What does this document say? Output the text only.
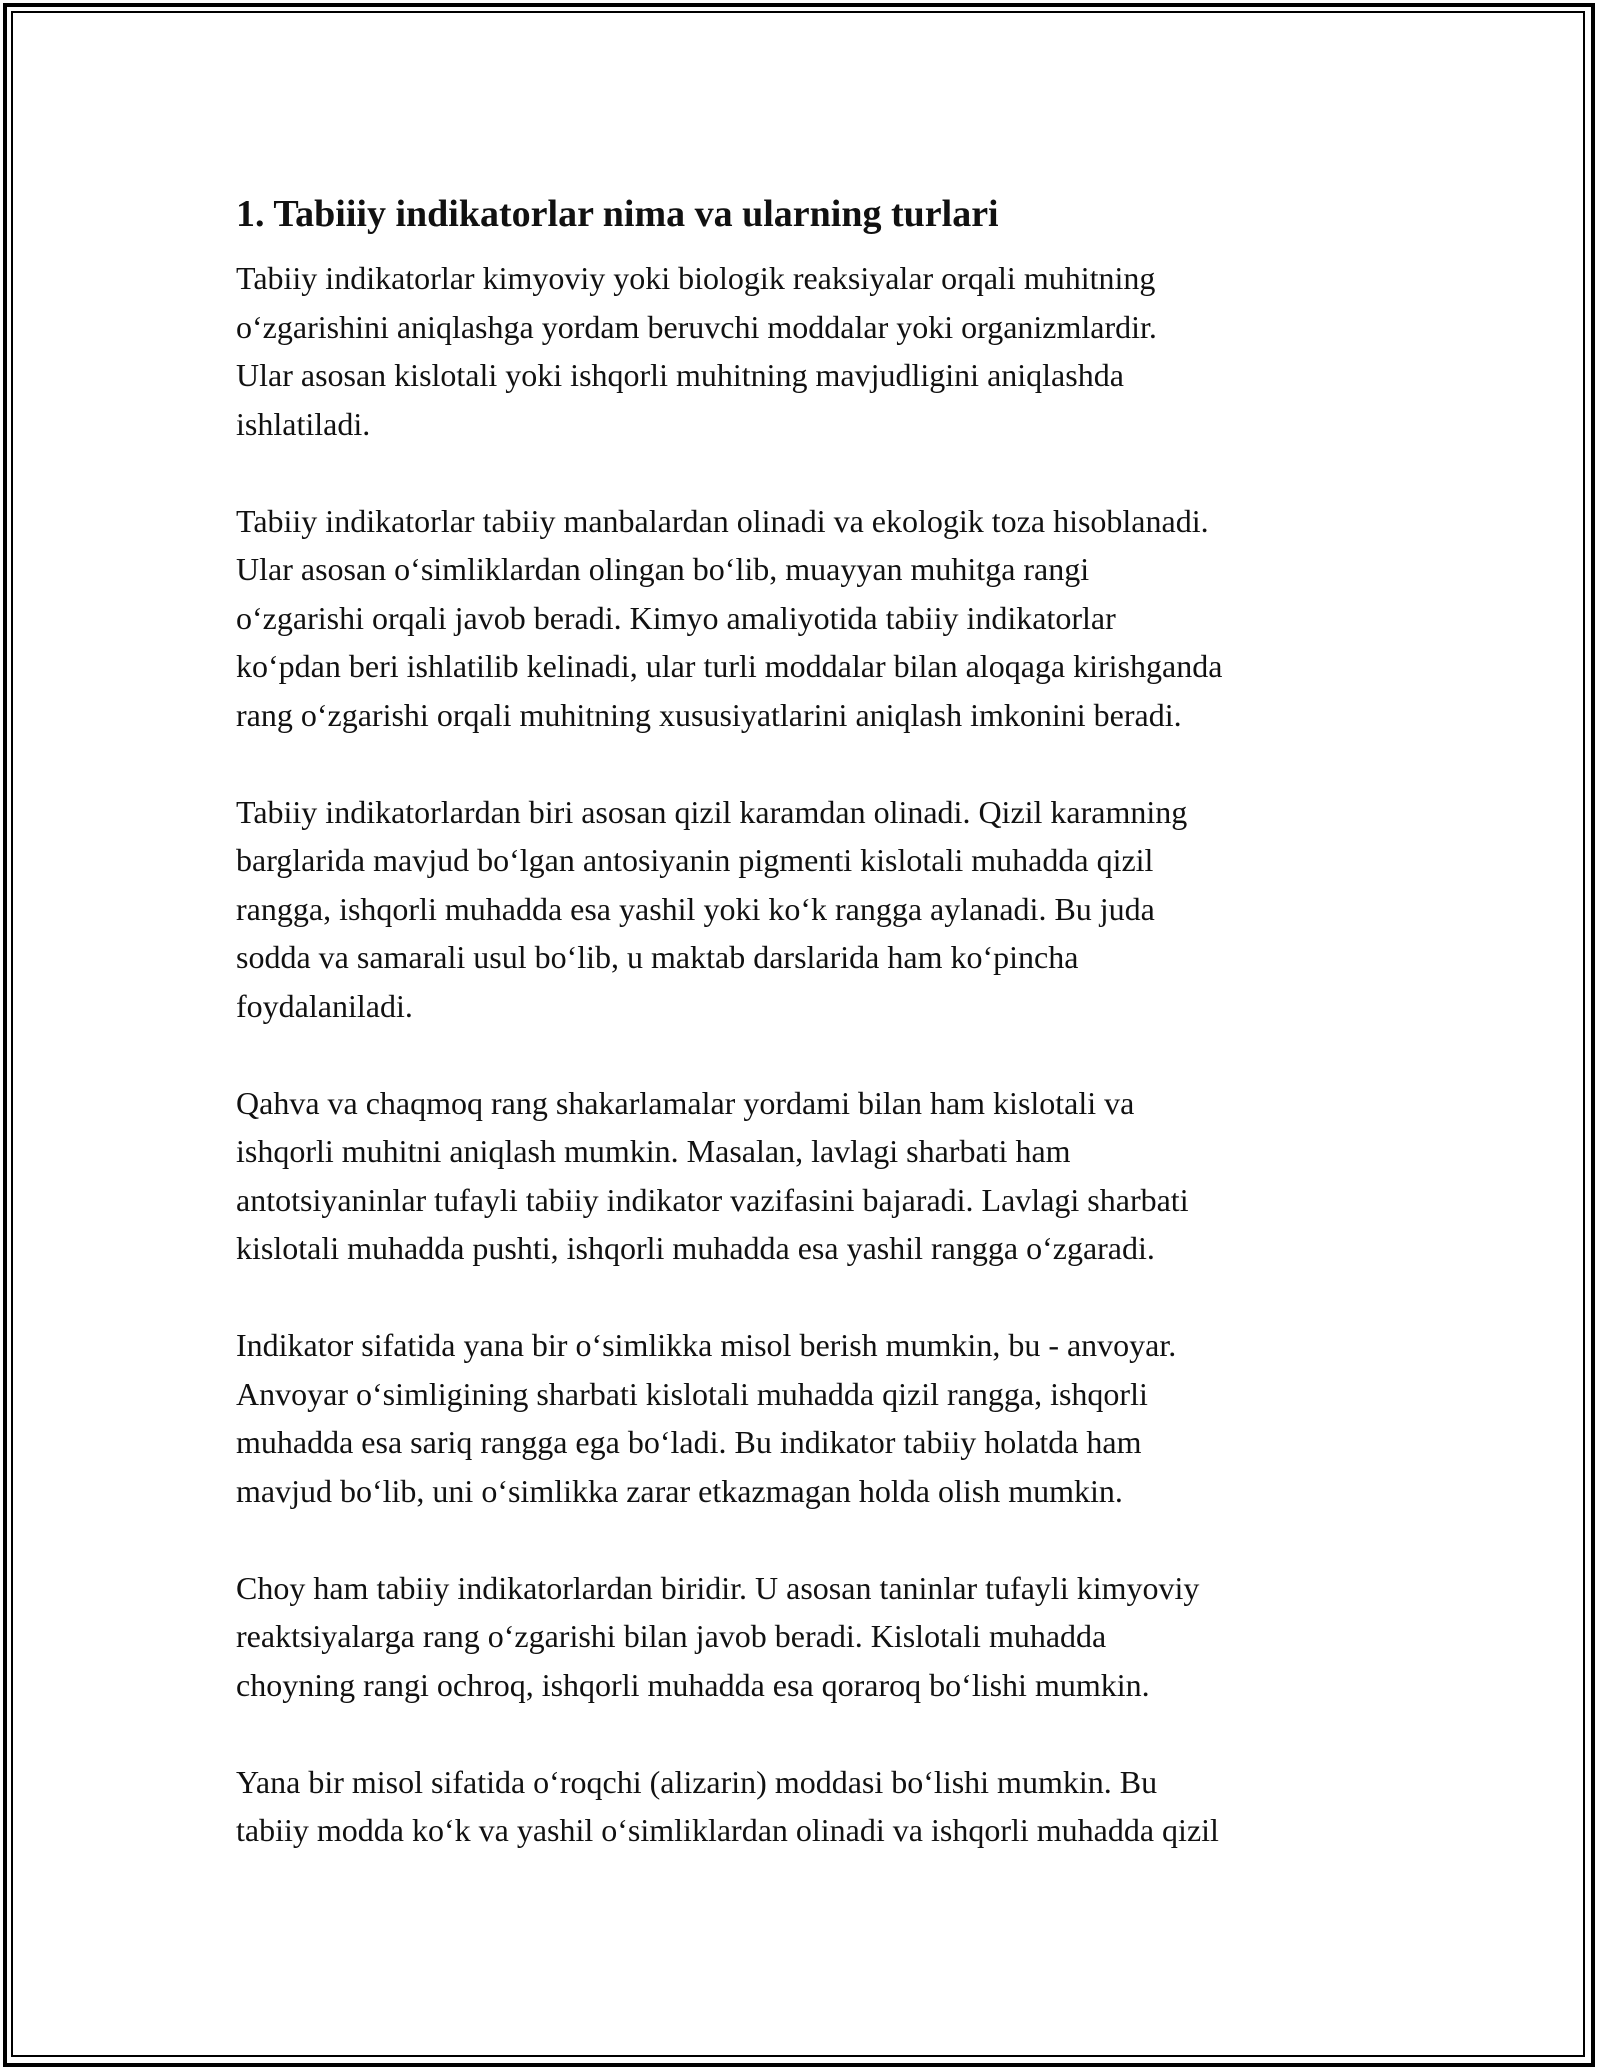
1. Tabiiiy indikatorlar nima va ularning turlari

Tabiiy indikatorlar kimyoviy yoki biologik reaksiyalar orqali muhitning
o‘zgarishini aniqlashga yordam beruvchi moddalar yoki organizmlardir.
Ular asosan kislotali yoki ishqorli muhitning mavjudligini aniqlashda
ishlatiladi.

Tabiiy indikatorlar tabiiy manbalardan olinadi va ekologik toza hisoblanadi.
Ular asosan o‘simliklardan olingan bo‘lib, muayyan muhitga rangi
o‘zgarishi orqali javob beradi. Kimyo amaliyotida tabiiy indikatorlar
ko‘pdan beri ishlatilib kelinadi, ular turli moddalar bilan aloqaga kirishganda
rang o‘zgarishi orqali muhitning xususiyatlarini aniqlash imkonini beradi.

Tabiiy indikatorlardan biri asosan qizil karamdan olinadi. Qizil karamning
barglarida mavjud bo‘lgan antosiyanin pigmenti kislotali muhadda qizil
rangga, ishqorli muhadda esa yashil yoki ko‘k rangga aylanadi. Bu juda
sodda va samarali usul bo‘lib, u maktab darslarida ham ko‘pincha
foydalaniladi.

Qahva va chaqmoq rang shakarlamalar yordami bilan ham kislotali va
ishqorli muhitni aniqlash mumkin. Masalan, lavlagi sharbati ham
antotsiyaninlar tufayli tabiiy indikator vazifasini bajaradi. Lavlagi sharbati
kislotali muhadda pushti, ishqorli muhadda esa yashil rangga o‘zgaradi.

Indikator sifatida yana bir o‘simlikka misol berish mumkin, bu - anvoyar.
Anvoyar o‘simligining sharbati kislotali muhadda qizil rangga, ishqorli
muhadda esa sariq rangga ega bo‘ladi. Bu indikator tabiiy holatda ham
mavjud bo‘lib, uni o‘simlikka zarar etkazmagan holda olish mumkin.

Choy ham tabiiy indikatorlardan biridir. U asosan taninlar tufayli kimyoviy
reaktsiyalarga rang o‘zgarishi bilan javob beradi. Kislotali muhadda
choyning rangi ochroq, ishqorli muhadda esa qoraroq bo‘lishi mumkin.

Yana bir misol sifatida o‘roqchi (alizarin) moddasi bo‘lishi mumkin. Bu
tabiiy modda ko‘k va yashil o‘simliklardan olinadi va ishqorli muhadda qizil
